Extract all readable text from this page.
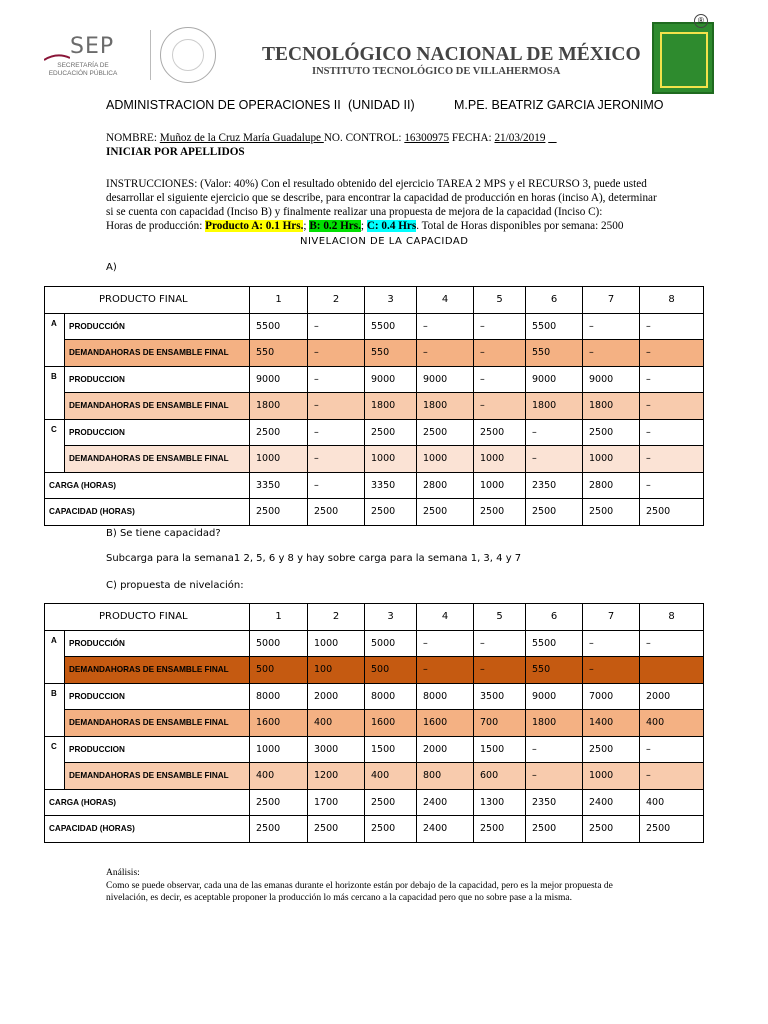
SEP
SECRETARÍA DE EDUCACIÓN PÚBLICA
TECNOLÓGICO NACIONAL DE MÉXICO
INSTITUTO TECNOLÓGICO DE VILLAHERMOSA
®
ADMINISTRACION DE OPERACIONES II (UNIDAD II)	M.PE. BEATRIZ GARCIA JERONIMO
NOMBRE: Muñoz de la Cruz María Guadalupe NO. CONTROL: 16300975 FECHA: 21/03/2019
INICIAR POR APELLIDOS
INSTRUCCIONES: (Valor: 40%) Con el resultado obtenido del ejercicio TAREA 2 MPS y el RECURSO 3, puede usted
desarrollar el siguiente ejercicio que se describe, para encontrar la capacidad de producción en horas (inciso A), determinar
si se cuenta con capacidad (Inciso B) y finalmente realizar una propuesta de mejora de la capacidad (Inciso C):
Horas de producción: Producto A: 0.1 Hrs.; B: 0.2 Hrs.; C: 0.4 Hrs. Total de Horas disponibles por semana: 2500
NIVELACION DE LA CAPACIDAD
A)
PRODUCTO FINAL		1	2	3	4	5	6	7	8
A	PRODUCCIÓN	5500	–	5500	–	–	5500	–	–
	DEMANDAHORAS DE ENSAMBLE FINAL	550	–	550	–	–	550	–	–
B	PRODUCCION	9000	–	9000	9000	–	9000	9000	–
	DEMANDAHORAS DE ENSAMBLE FINAL	1800	–	1800	1800	–	1800	1800	–
C	PRODUCCION	2500	–	2500	2500	2500	–	2500	–
	DEMANDAHORAS DE ENSAMBLE FINAL	1000	–	1000	1000	1000	–	1000	–
CARGA (HORAS)		3350	–	3350	2800	1000	2350	2800	–
CAPACIDAD (HORAS)		2500	2500	2500	2500	2500	2500	2500	2500
B) Se tiene capacidad?
Subcarga para la semana1 2, 5, 6 y 8 y hay sobre carga para la semana 1, 3, 4 y 7
C) propuesta de nivelación:
PRODUCTO FINAL		1	2	3	4	5	6	7	8
A	PRODUCCIÓN	5000	1000	5000	–	–	5500	–	–
	DEMANDAHORAS DE ENSAMBLE FINAL	500	100	500	–	–	550	–	
B	PRODUCCION	8000	2000	8000	8000	3500	9000	7000	2000
	DEMANDAHORAS DE ENSAMBLE FINAL	1600	400	1600	1600	700	1800	1400	400
C	PRODUCCION	1000	3000	1500	2000	1500	–	2500	–
	DEMANDAHORAS DE ENSAMBLE FINAL	400	1200	400	800	600	–	1000	–
CARGA (HORAS)		2500	1700	2500	2400	1300	2350	2400	400
CAPACIDAD (HORAS)		2500	2500	2500	2400	2500	2500	2500	2500
Análisis:
Como se puede observar, cada una de las emanas durante el horizonte están por debajo de la capacidad, pero es la mejor propuesta de
nivelación, es decir, es aceptable proponer la producción lo más cercano a la capacidad pero que no sobre pase a la misma.
